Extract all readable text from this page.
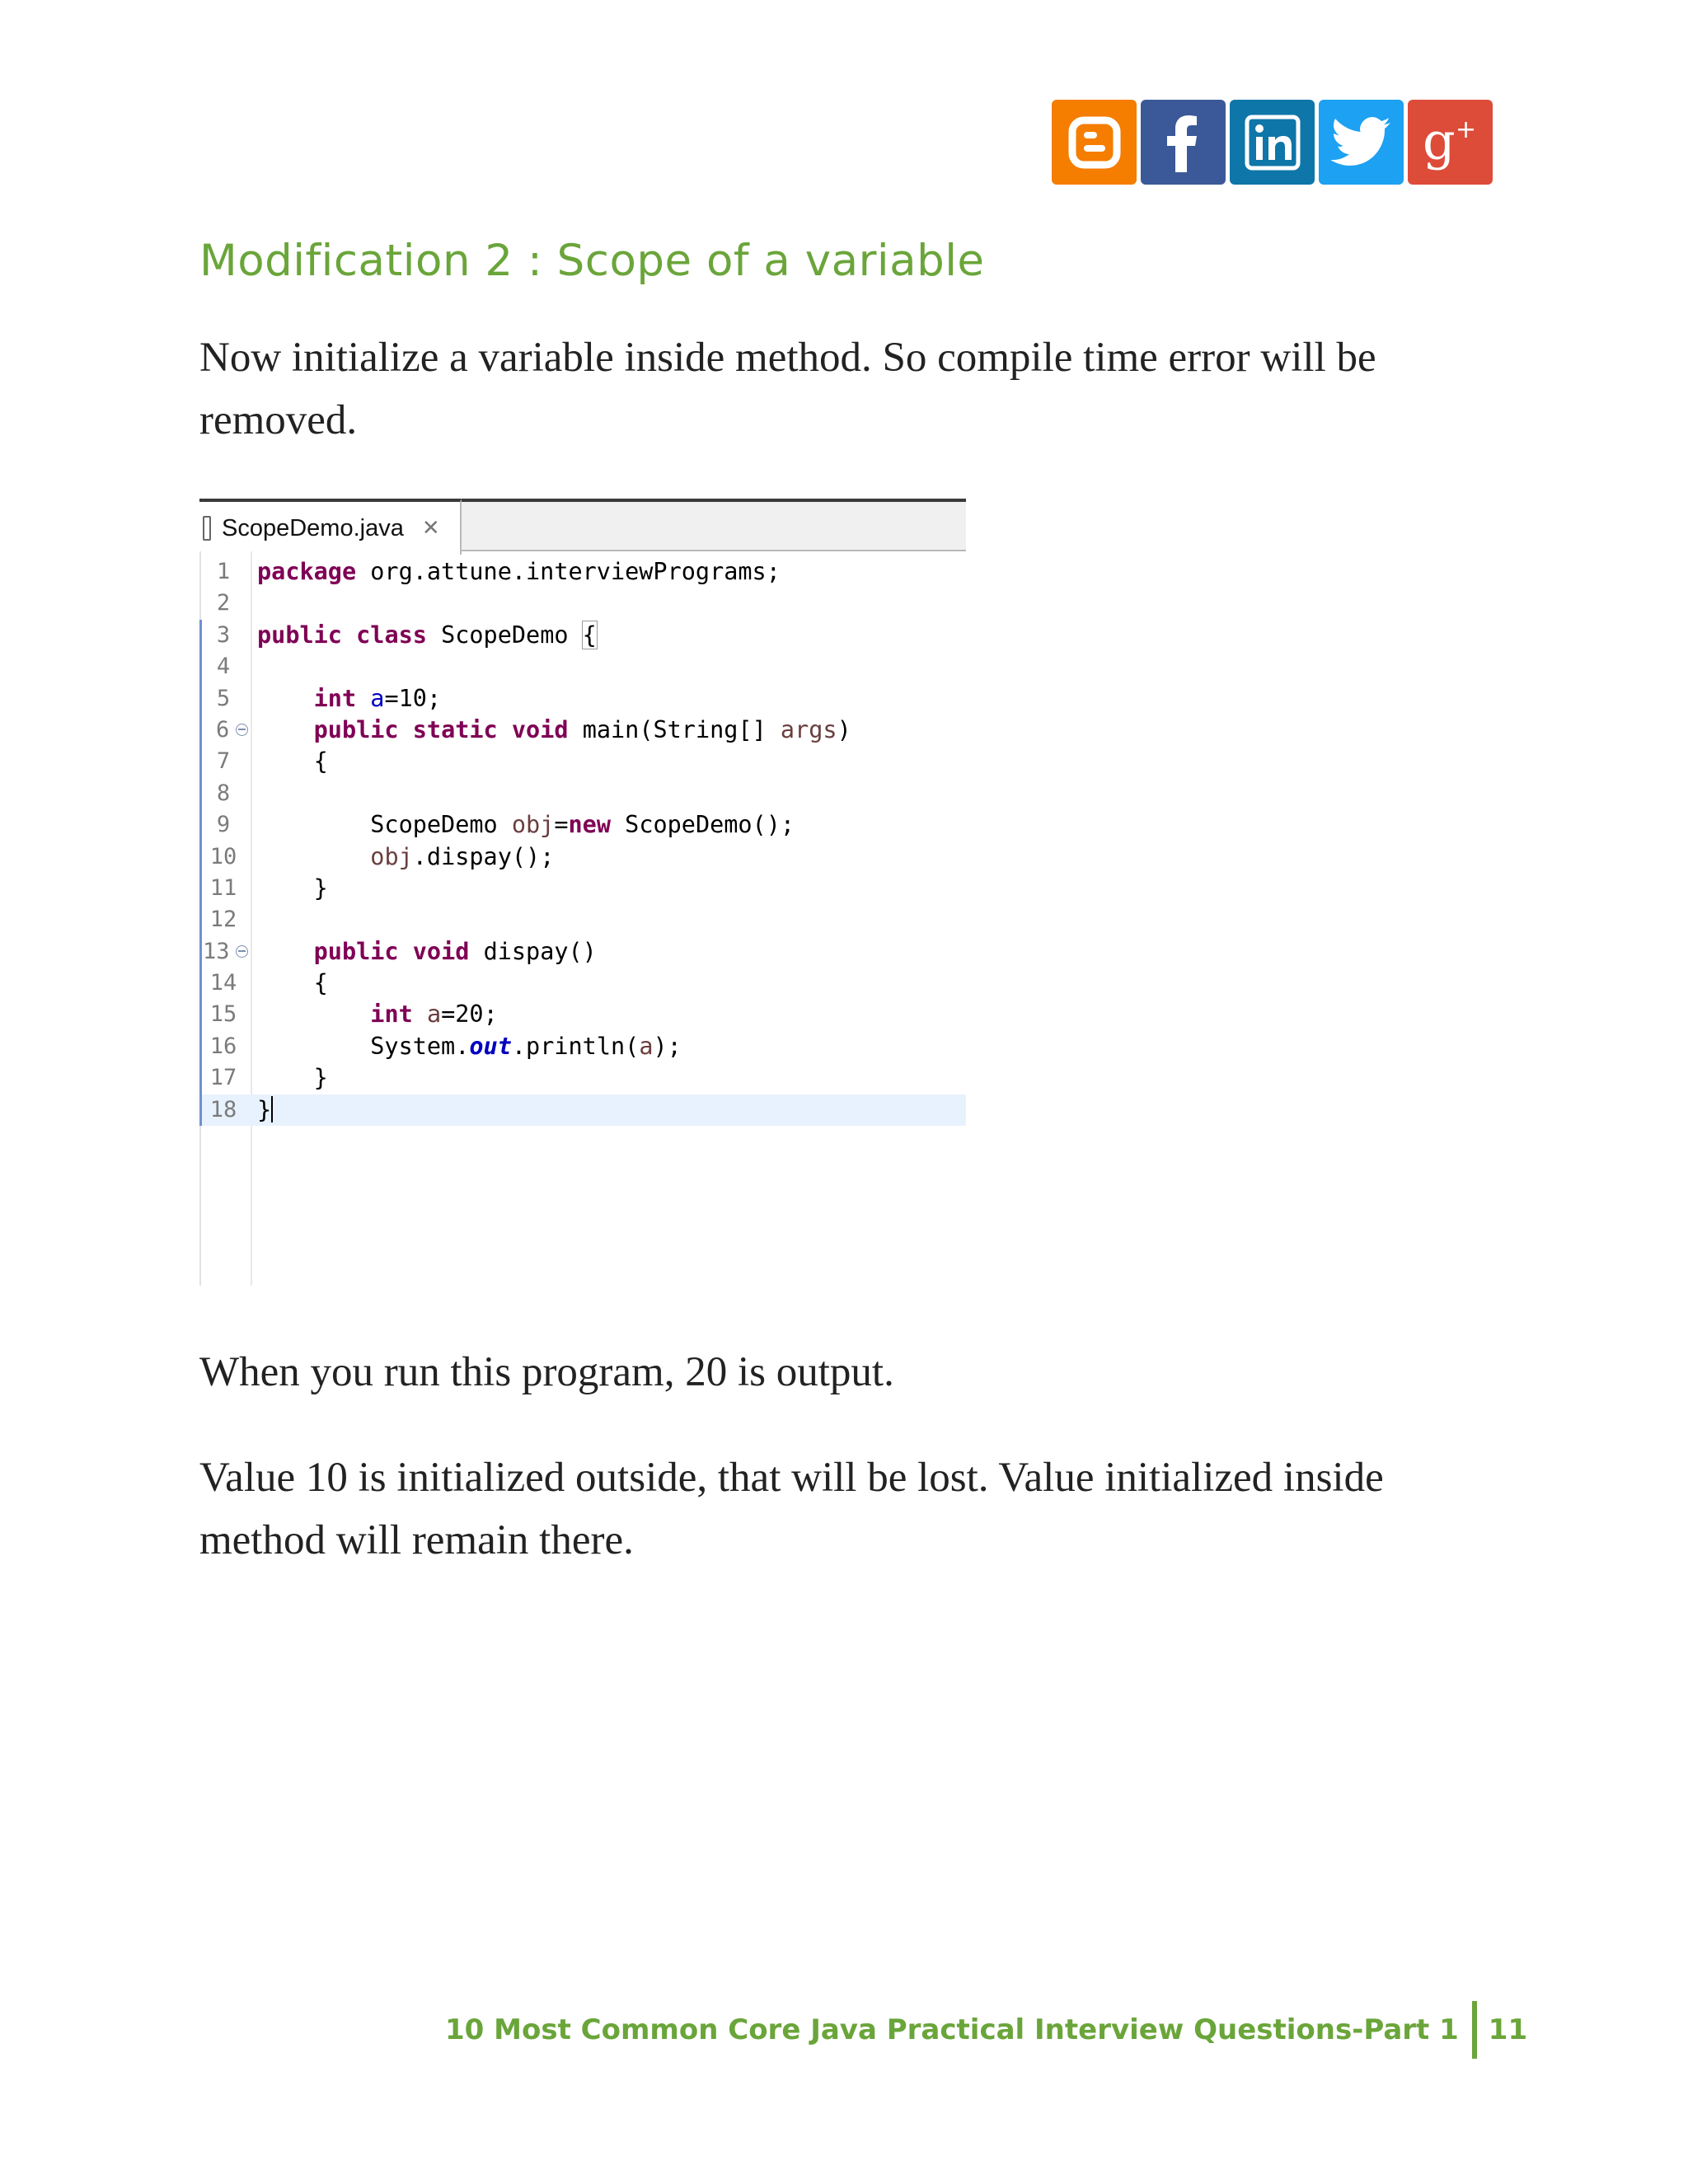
g +
Modification 2 : Scope of a variable

Now initialize a variable inside method. So compile time error will be removed.

ScopeDemo.java ✕
1	package org.attune.interviewPrograms;
2
3	public class ScopeDemo {
4
5	int a=10;
6	public static void main(String[] args)
7	{
8
9	ScopeDemo obj=new ScopeDemo();
10	obj.dispay();
11 }
12
13	public void dispay()
14 {
15	int a=20;
16 System.out.println(a);
17 }
18 }

When you run this program, 20 is output.

Value 10 is initialized outside, that will be lost. Value initialized inside method will remain there.

10 Most Common Core Java Practical Interview Questions-Part 1 11
